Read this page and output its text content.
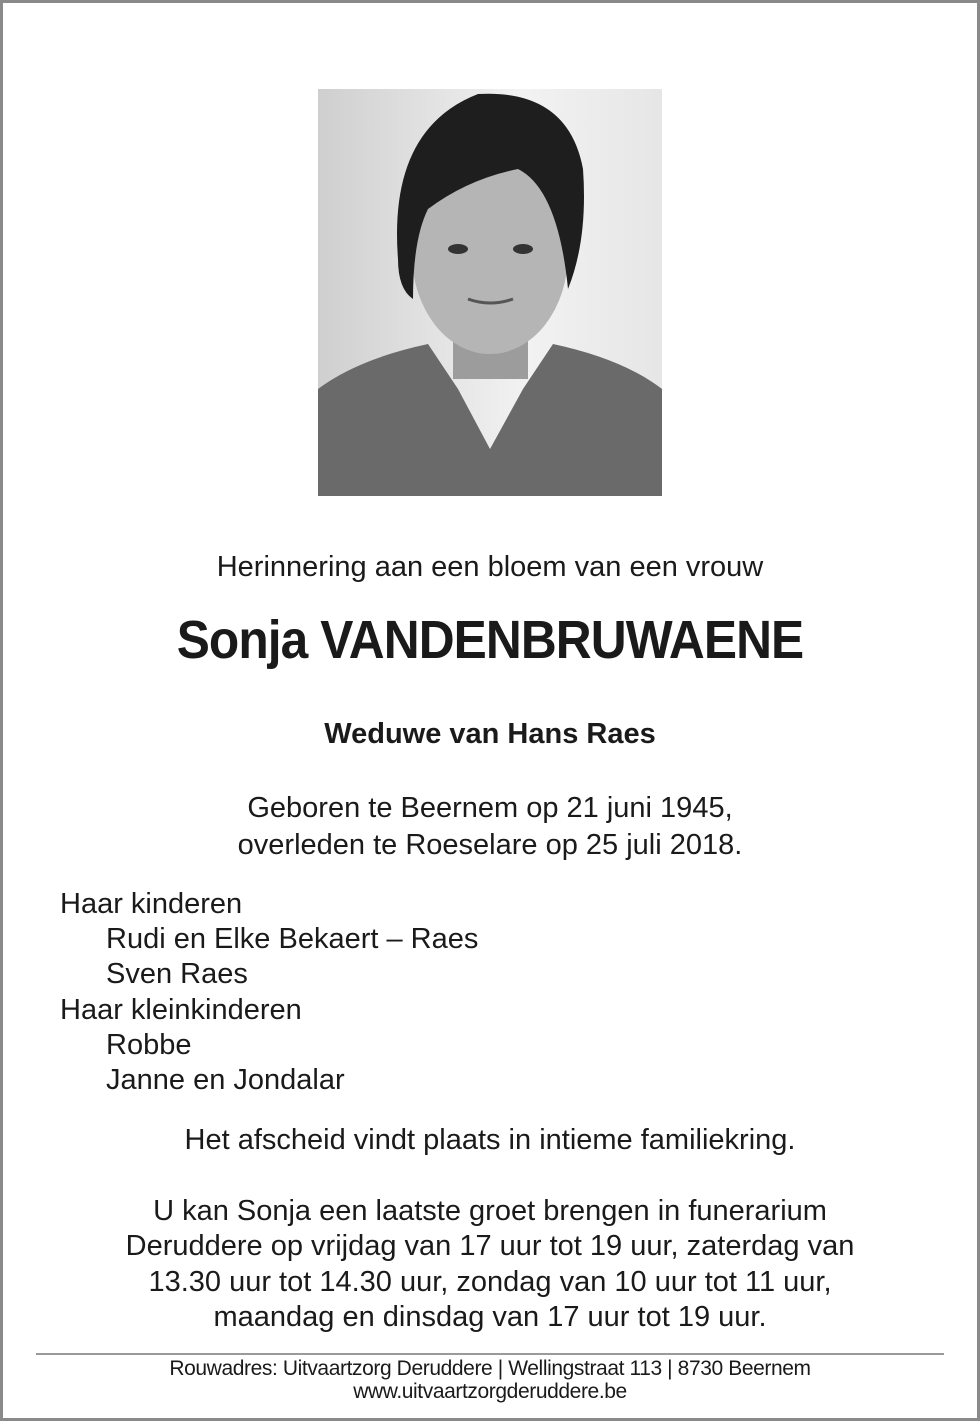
Herinnering aan een bloem van een vrouw
Sonja VANDENBRUWAENE
Weduwe van Hans Raes
Geboren te Beernem op 21 juni 1945,
overleden te Roeselare op 25 juli 2018.
Haar kinderen
Rudi en Elke Bekaert – Raes
Sven Raes
Haar kleinkinderen
Robbe
Janne en Jondalar
Het afscheid vindt plaats in intieme familiekring.
U kan Sonja een laatste groet brengen in funerarium
Deruddere op vrijdag van 17 uur tot 19 uur, zaterdag van
13.30 uur tot 14.30 uur, zondag van 10 uur tot 11 uur,
maandag en dinsdag van 17 uur tot 19 uur.
Rouwadres: Uitvaartzorg Deruddere | Wellingstraat 113 | 8730 Beernem
www.uitvaartzorgderuddere.be
